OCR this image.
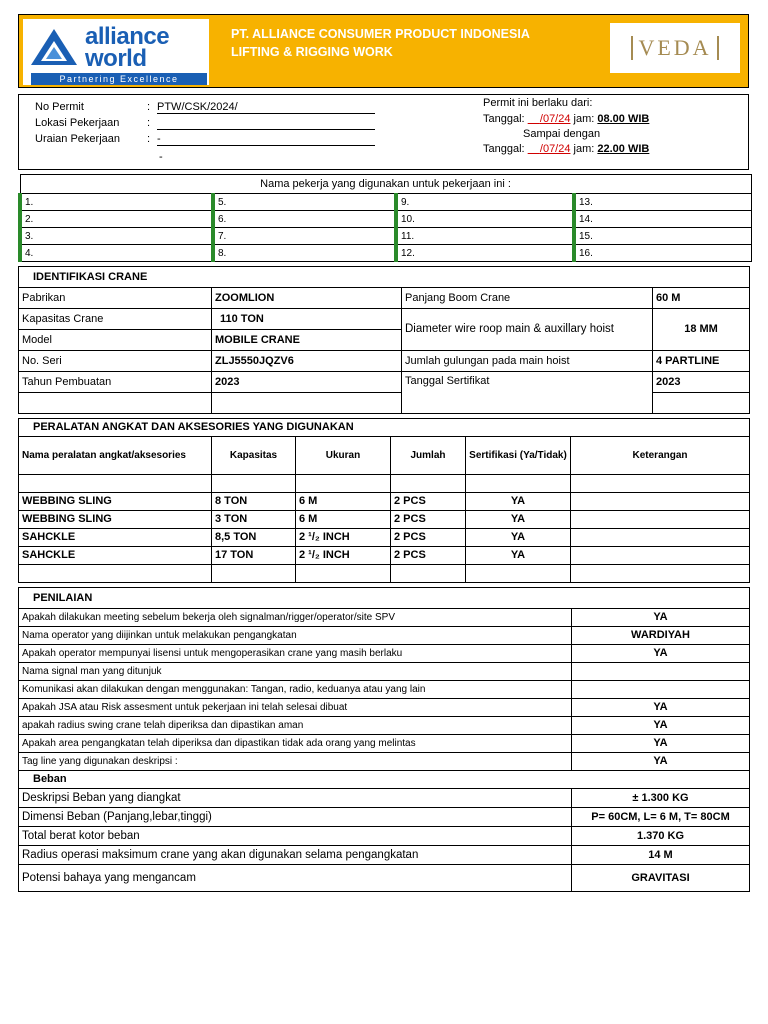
alliance
world
Partnering Excellence
PT. ALLIANCE CONSUMER PRODUCT INDONESIA
LIFTING & RIGGING WORK	VEDA
No Permit	: PTW/CSK/2024/
Lokasi Pekerjaan	:
Uraian Pekerjaan : -
-
Permit ini berlaku dari:
Tanggal: /07/24 jam: 08.00 WIB
Sampai dengan
Tanggal: /07/24 jam: 22.00 WIB
Nama pekerja yang digunakan untuk pekerjaan ini :			
1.	5.	9.	13.
2.	6.	10.	14.
3.	7.	11.	15.
4.	8.	12.	16.
IDENTIFIKASI CRANE			
Pabrikan	ZOOMLION	Panjang Boom Crane	60 M
Kapasitas Crane	110 TON	Diameter wire roop main & auxillary hoist	18 MM
Model	MOBILE CRANE		
No. Seri	ZLJ5550JQZV6	Jumlah gulungan pada main hoist	4 PARTLINE
Tahun Pembuatan	2023	Tanggal Sertifikat	2023

PERALATAN ANGKAT DAN AKSESORIES YANG DIGUNAKAN					
Nama peralatan angkat/aksesories	Kapasitas	Ukuran	Jumlah	Sertifikasi (Ya/Tidak)	Keterangan

WEBBING SLING	8 TON	6 M	2 PCS	YA	
WEBBING SLING	3 TON	6 M	2 PCS	YA	
SAHCKLE	8,5 TON	2 ¹/₂ INCH	2 PCS	YA	
SAHCKLE	17 TON	2 ¹/₂ INCH	2 PCS	YA	

PENILAIAN	
Apakah dilakukan meeting sebelum bekerja oleh signalman/rigger/operator/site SPV	YA
Nama operator yang diijinkan untuk melakukan pengangkatan	WARDIYAH
Apakah operator mempunyai lisensi untuk mengoperasikan crane yang masih berlaku	YA
Nama signal man yang ditunjuk	
Komunikasi akan dilakukan dengan menggunakan: Tangan, radio, keduanya atau yang lain	
Apakah JSA atau Risk assesment untuk pekerjaan ini telah selesai dibuat	YA
apakah radius swing crane telah diperiksa dan dipastikan aman	YA
Apakah area pengangkatan telah diperiksa dan dipastikan tidak ada orang yang melintas	YA
Tag line yang digunakan deskripsi :	YA
Beban	
Deskripsi Beban yang diangkat	± 1.300 KG
Dimensi Beban (Panjang,lebar,tinggi)	P= 60CM, L= 6 M, T= 80CM
Total berat kotor beban	1.370 KG
Radius operasi maksimum crane yang akan digunakan selama pengangkatan	14 M
Potensi bahaya yang mengancam	GRAVITASI
